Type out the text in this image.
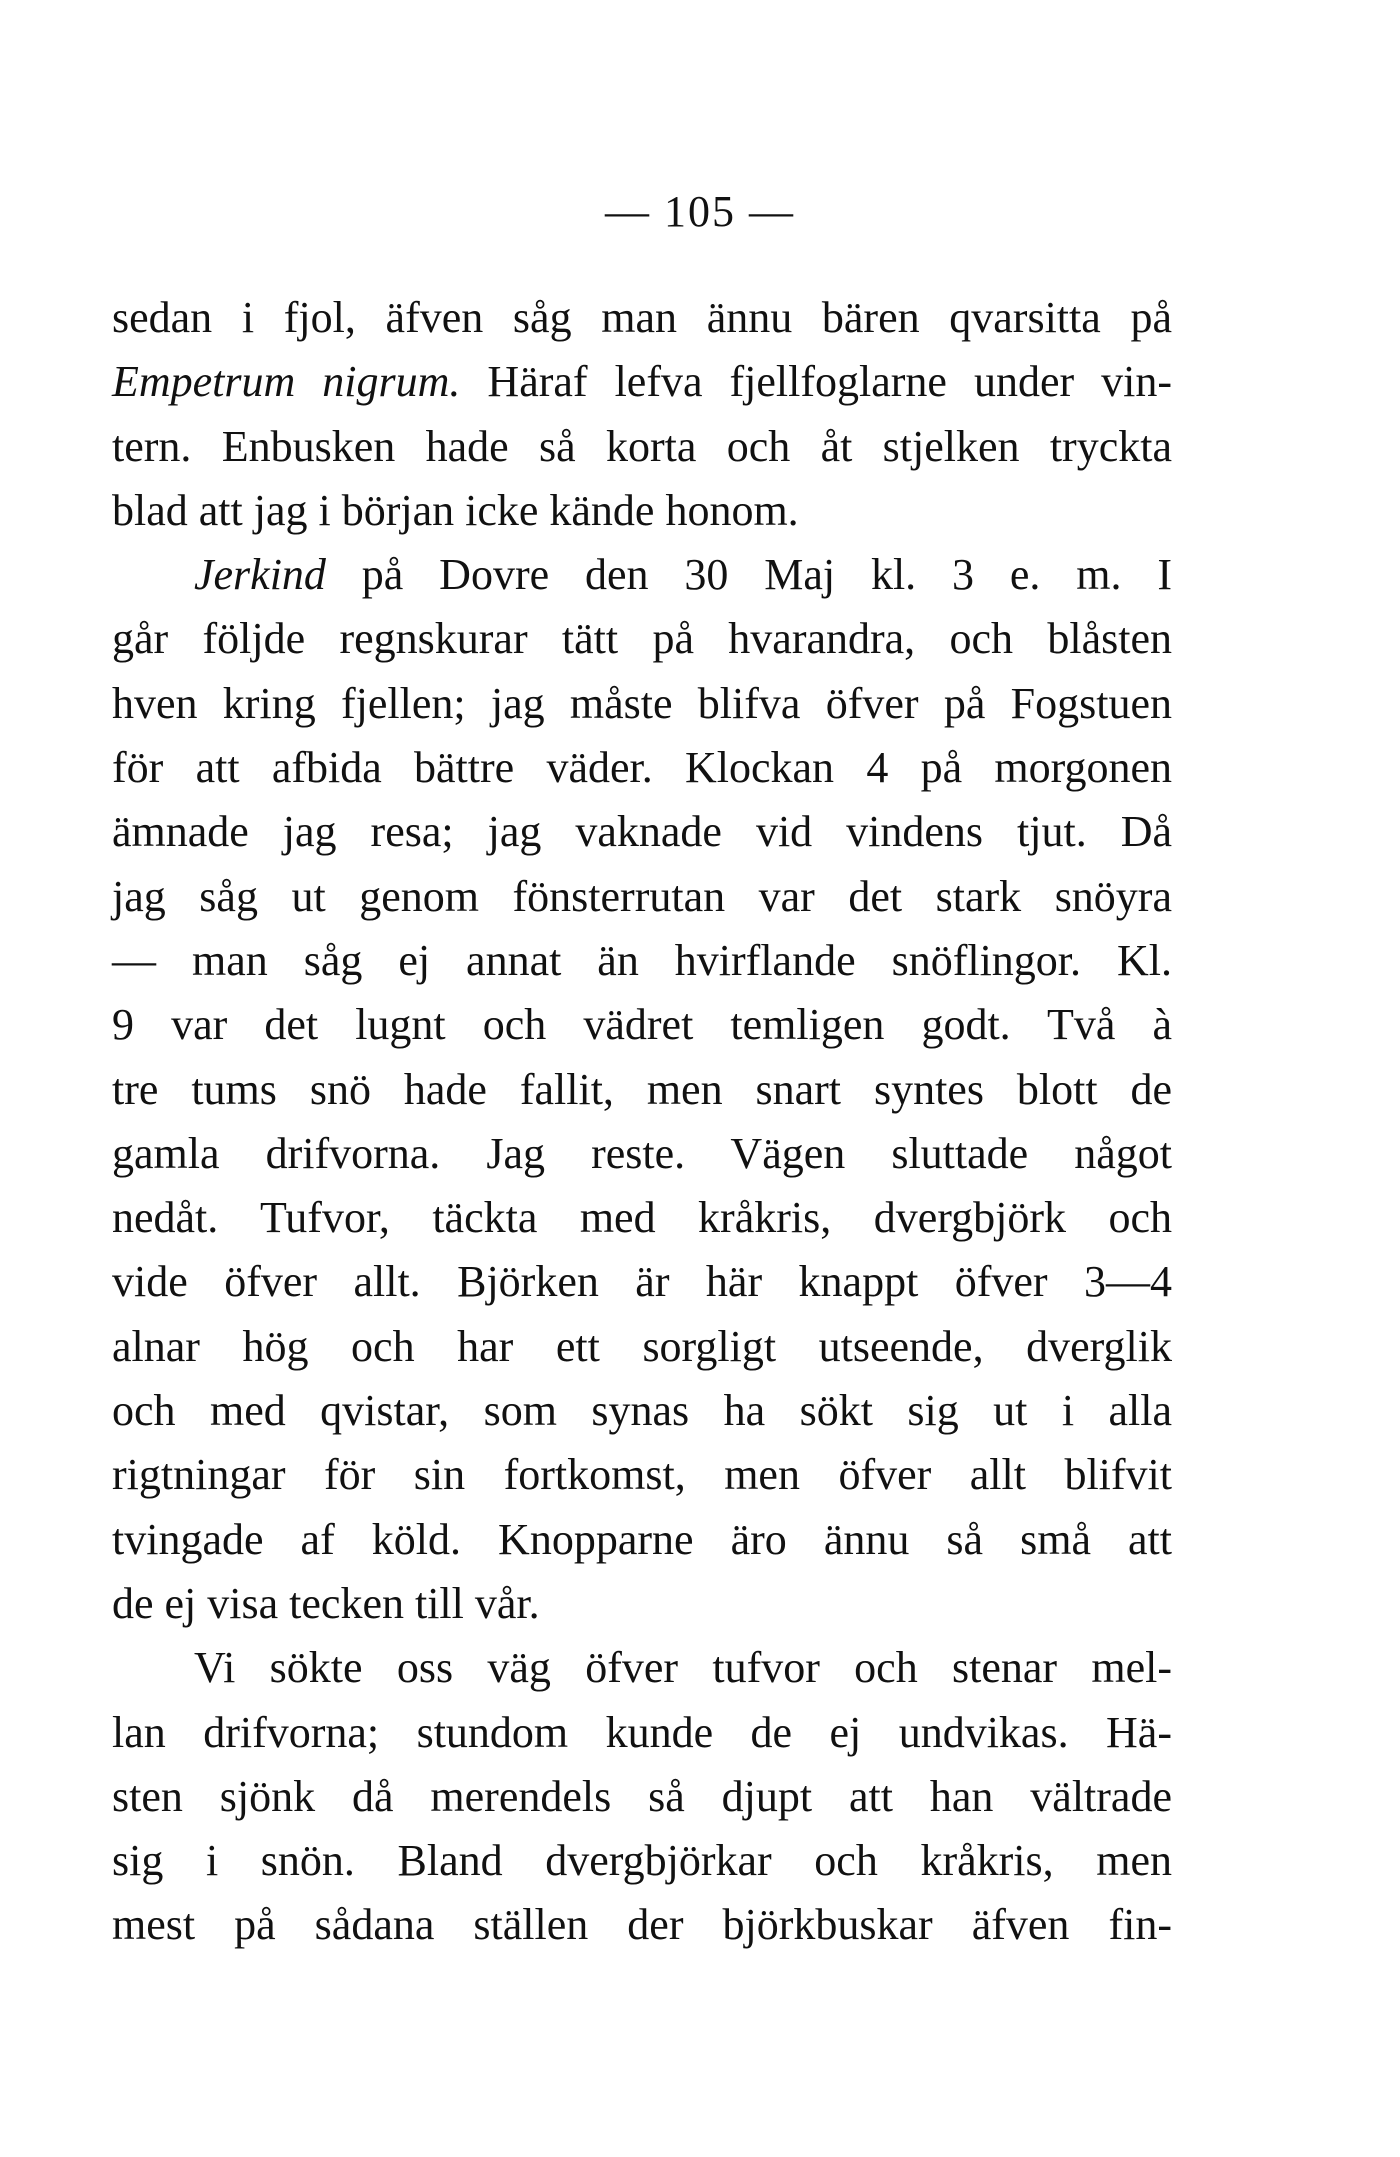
— 105 —
sedan i fjol, äfven såg man ännu bären qvarsitta på
Empetrum nigrum. Häraf lefva fjellfoglarne under vin-
tern. Enbusken hade så korta och åt stjelken tryckta
blad att jag i början icke kände honom.
Jerkind på Dovre den 30 Maj kl. 3 e. m. I
går följde regnskurar tätt på hvarandra, och blåsten
hven kring fjellen; jag måste blifva öfver på Fogstuen
för att afbida bättre väder. Klockan 4 på morgonen
ämnade jag resa; jag vaknade vid vindens tjut. Då
jag såg ut genom fönsterrutan var det stark snöyra
— man såg ej annat än hvirflande snöflingor. Kl.
9 var det lugnt och vädret temligen godt. Två à
tre tums snö hade fallit, men snart syntes blott de
gamla drifvorna. Jag reste. Vägen sluttade något
nedåt. Tufvor, täckta med kråkris, dvergbjörk och
vide öfver allt. Björken är här knappt öfver 3—4
alnar hög och har ett sorgligt utseende, dverglik
och med qvistar, som synas ha sökt sig ut i alla
rigtningar för sin fortkomst, men öfver allt blifvit
tvingade af köld. Knopparne äro ännu så små att
de ej visa tecken till vår.
Vi sökte oss väg öfver tufvor och stenar mel-
lan drifvorna; stundom kunde de ej undvikas. Hä-
sten sjönk då merendels så djupt att han vältrade
sig i snön. Bland dvergbjörkar och kråkris, men
mest på sådana ställen der björkbuskar äfven fin-
